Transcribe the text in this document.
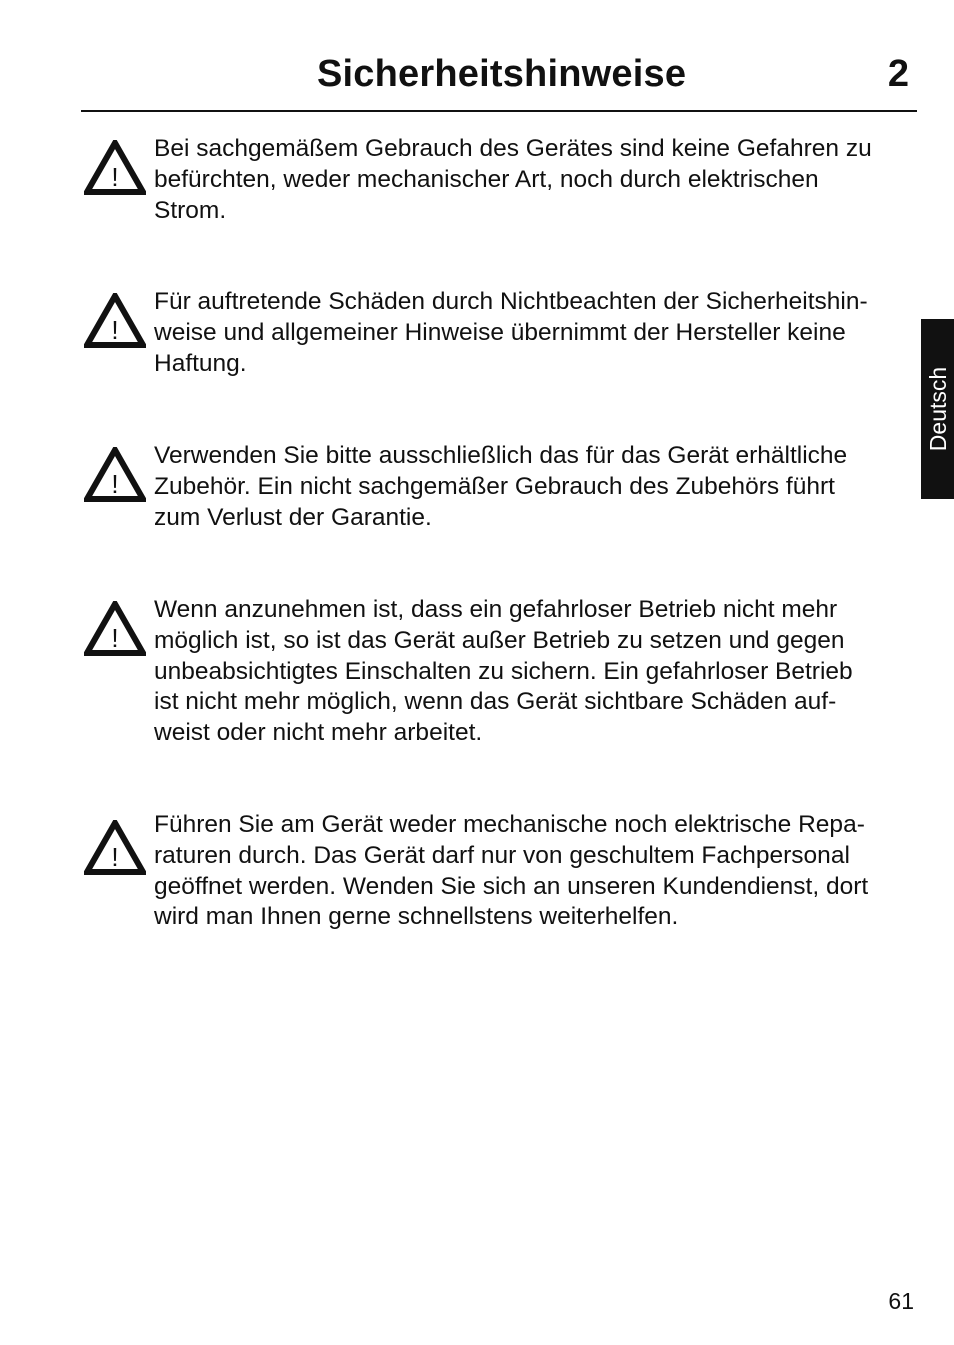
Sicherheitshinweise	2
Deutsch
!
Bei sachgemäßem Gebrauch des Gerätes sind keine Gefahren zu
befürchten, weder mechanischer Art, noch durch elektrischen
Strom.
!
Für auftretende Schäden durch Nichtbeachten der Sicherheitshin-
weise und allgemeiner Hinweise übernimmt der Hersteller keine
Haftung.
!
Verwenden Sie bitte ausschließlich das für das Gerät erhältliche
Zubehör. Ein nicht sachgemäßer Gebrauch des Zubehörs führt
zum Verlust der Garantie.
!
Wenn anzunehmen ist, dass ein gefahrloser Betrieb nicht mehr
möglich ist, so ist das Gerät außer Betrieb zu setzen und gegen
unbeabsichtigtes Einschalten zu sichern. Ein gefahrloser Betrieb
ist nicht mehr möglich, wenn das Gerät sichtbare Schäden auf-
weist oder nicht mehr arbeitet.
!
Führen Sie am Gerät weder mechanische noch elektrische Repa-
raturen durch. Das Gerät darf nur von geschultem Fachpersonal
geöffnet werden. Wenden Sie sich an unseren Kundendienst, dort
wird man Ihnen gerne schnellstens weiterhelfen.
61
